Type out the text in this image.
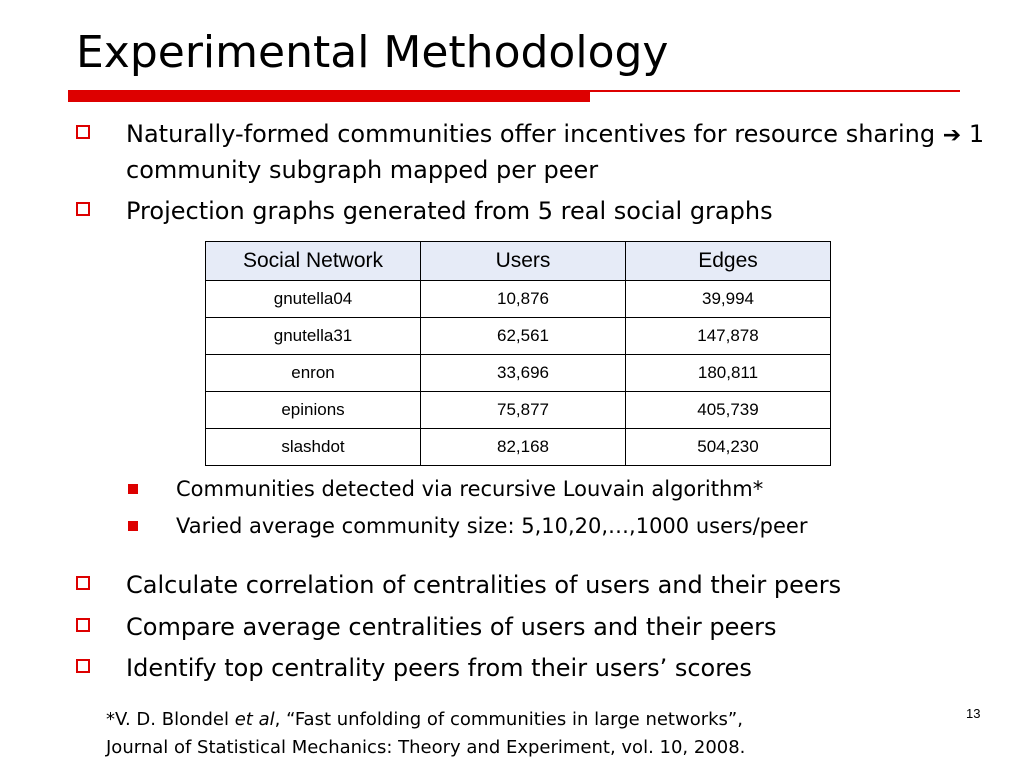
Experimental Methodology
Naturally-formed communities offer incentives for resource sharing ➔ 1 community subgraph mapped per peer
Projection graphs generated from 5 real social graphs
Social Network	Users	Edges
gnutella04	10,876	39,994
gnutella31	62,561	147,878
enron	33,696	180,811
epinions	75,877	405,739
slashdot	82,168	504,230
Communities detected via recursive Louvain algorithm*
Varied average community size: 5,10,20,…,1000 users/peer
Calculate correlation of centralities of users and their peers
Compare average centralities of users and their peers
Identify top centrality peers from their users’ scores
*V. D. Blondel et al, “Fast unfolding of communities in large networks”,
Journal of Statistical Mechanics: Theory and Experiment, vol. 10, 2008.
13
